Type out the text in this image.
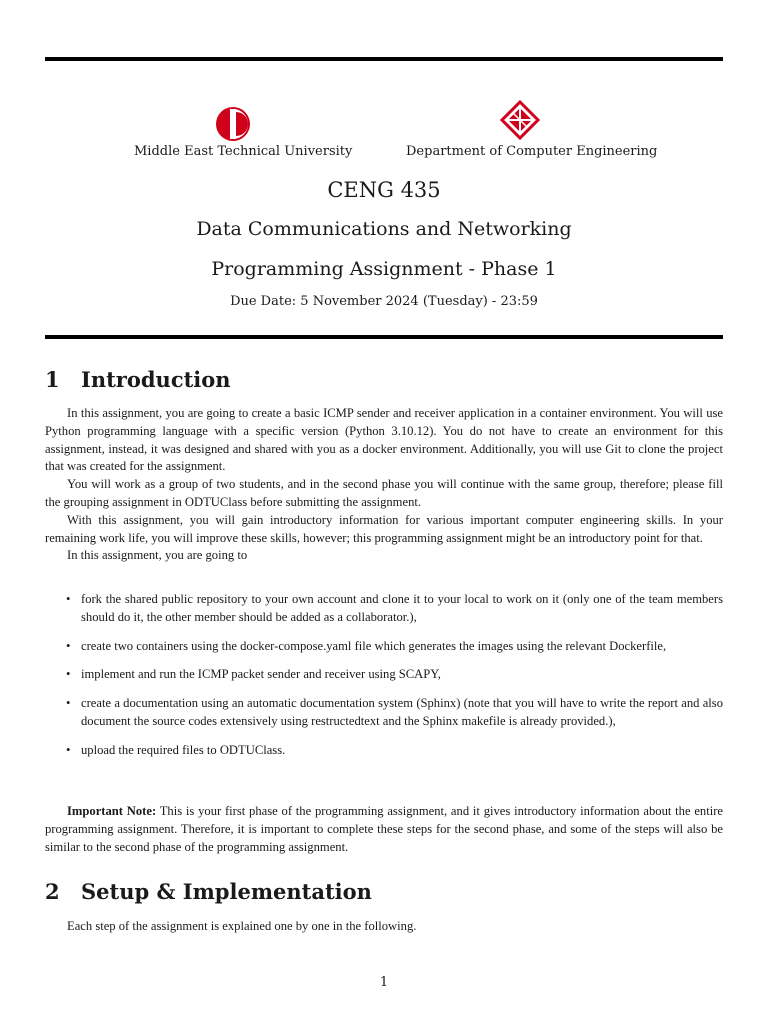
Middle East Technical University	Department of Computer Engineering
CENG 435
Data Communications and Networking
Programming Assignment - Phase 1
Due Date: 5 November 2024 (Tuesday) - 23:59
1 Introduction

In this assignment, you are going to create a basic ICMP sender and receiver application in a container environment. You will use Python programming language with a specific version (Python 3.10.12). You do not have to create an environment for this assignment, instead, it was designed and shared with you as a docker environment. Additionally, you will use Git to clone the project that was created for the assignment.

You will work as a group of two students, and in the second phase you will continue with the same group, therefore; please fill the grouping assignment in ODTUClass before submitting the assignment.

With this assignment, you will gain introductory information for various important computer engineering skills. In your remaining work life, you will improve these skills, however; this programming assignment might be an introductory point for that.

In this assignment, you are going to

• fork the shared public repository to your own account and clone it to your local to work on it (only one of the team members should do it, the other member should be added as a collaborator.),
• create two containers using the docker-compose.yaml file which generates the images using the relevant Dockerfile,
• implement and run the ICMP packet sender and receiver using SCAPY,
• create a documentation using an automatic documentation system (Sphinx) (note that you will have to write the report and also document the source codes extensively using restructedtext and the Sphinx makefile is already provided.),
• upload the required files to ODTUClass.

Important Note: This is your first phase of the programming assignment, and it gives introductory information about the entire programming assignment. Therefore, it is important to complete these steps for the second phase, and some of the steps will also be similar to the second phase of the programming assignment.

2 Setup & Implementation

Each step of the assignment is explained one by one in the following.

1
